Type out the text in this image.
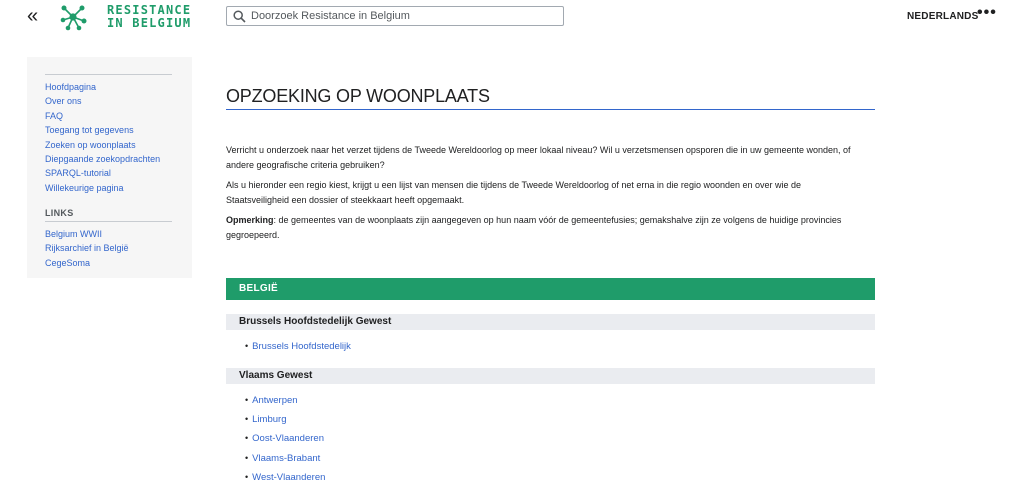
«	RESISTANCE
IN BELGIUM
Doorzoek Resistance in Belgium	NEDERLANDS
•••
Hoofdpagina
Over ons
FAQ
Toegang tot gegevens
Zoeken op woonplaats
Diepgaande zoekopdrachten
SPARQL-tutorial
Willekeurige pagina
LINKS
Belgium WWII
Rijksarchief in België
CegeSoma
OPZOEKING OP WOONPLAATS

Verricht u onderzoek naar het verzet tijdens de Tweede Wereldoorlog op meer lokaal niveau? Wil u verzetsmensen opsporen die in uw gemeente wonden, of andere geografische criteria gebruiken?

Als u hieronder een regio kiest, krijgt u een lijst van mensen die tijdens de Tweede Wereldoorlog of net erna in die regio woonden en over wie de Staatsveiligheid een dossier of steekkaart heeft opgemaakt.

Opmerking: de gemeentes van de woonplaats zijn aangegeven op hun naam vóór de gemeentefusies; gemakshalve zijn ze volgens de huidige provincies gegroepeerd.

BELGIË
Brussels Hoofdstedelijk Gewest
• Brussels Hoofdstedelijk
Vlaams Gewest
• Antwerpen
• Limburg
• Oost-Vlaanderen
• Vlaams-Brabant
• West-Vlaanderen
